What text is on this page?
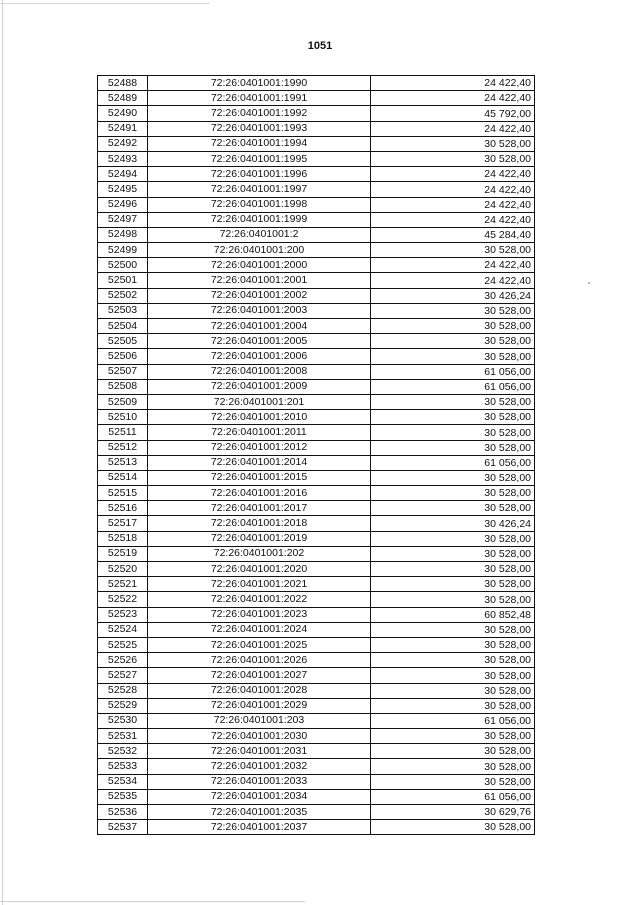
1051
52488	72:26:0401001:1990	24 422,40
52489	72:26:0401001:1991	24 422,40
52490	72:26:0401001:1992	45 792,00
52491	72:26:0401001:1993	24 422,40
52492	72:26:0401001:1994	30 528,00
52493	72:26:0401001:1995	30 528,00
52494	72:26:0401001:1996	24 422,40
52495	72:26:0401001:1997	24 422,40
52496	72:26:0401001:1998	24 422,40
52497	72:26:0401001:1999	24 422,40
52498	72:26:0401001:2	45 284,40
52499	72:26:0401001:200	30 528,00
52500	72:26:0401001:2000	24 422,40
52501	72:26:0401001:2001	24 422,40
52502	72:26:0401001:2002	30 426,24
52503	72:26:0401001:2003	30 528,00
52504	72:26:0401001:2004	30 528,00
52505	72:26:0401001:2005	30 528,00
52506	72:26:0401001:2006	30 528,00
52507	72:26:0401001:2008	61 056,00
52508	72:26:0401001:2009	61 056,00
52509	72:26:0401001:201	30 528,00
52510	72:26:0401001:2010	30 528,00
52511	72:26:0401001:2011	30 528,00
52512	72:26:0401001:2012	30 528,00
52513	72:26:0401001:2014	61 056,00
52514	72:26:0401001:2015	30 528,00
52515	72:26:0401001:2016	30 528,00
52516	72:26:0401001:2017	30 528,00
52517	72:26:0401001:2018	30 426,24
52518	72:26:0401001:2019	30 528,00
52519	72:26:0401001:202	30 528,00
52520	72:26:0401001:2020	30 528,00
52521	72:26:0401001:2021	30 528,00
52522	72:26:0401001:2022	30 528,00
52523	72:26:0401001:2023	60 852,48
52524	72:26:0401001:2024	30 528,00
52525	72:26:0401001:2025	30 528,00
52526	72:26:0401001:2026	30 528,00
52527	72:26:0401001:2027	30 528,00
52528	72:26:0401001:2028	30 528,00
52529	72:26:0401001:2029	30 528,00
52530	72:26:0401001:203	61 056,00
52531	72:26:0401001:2030	30 528,00
52532	72:26:0401001:2031	30 528,00
52533	72:26:0401001:2032	30 528,00
52534	72:26:0401001:2033	30 528,00
52535	72:26:0401001:2034	61 056,00
52536	72:26:0401001:2035	30 629,76
52537	72:26:0401001:2037	30 528,00
